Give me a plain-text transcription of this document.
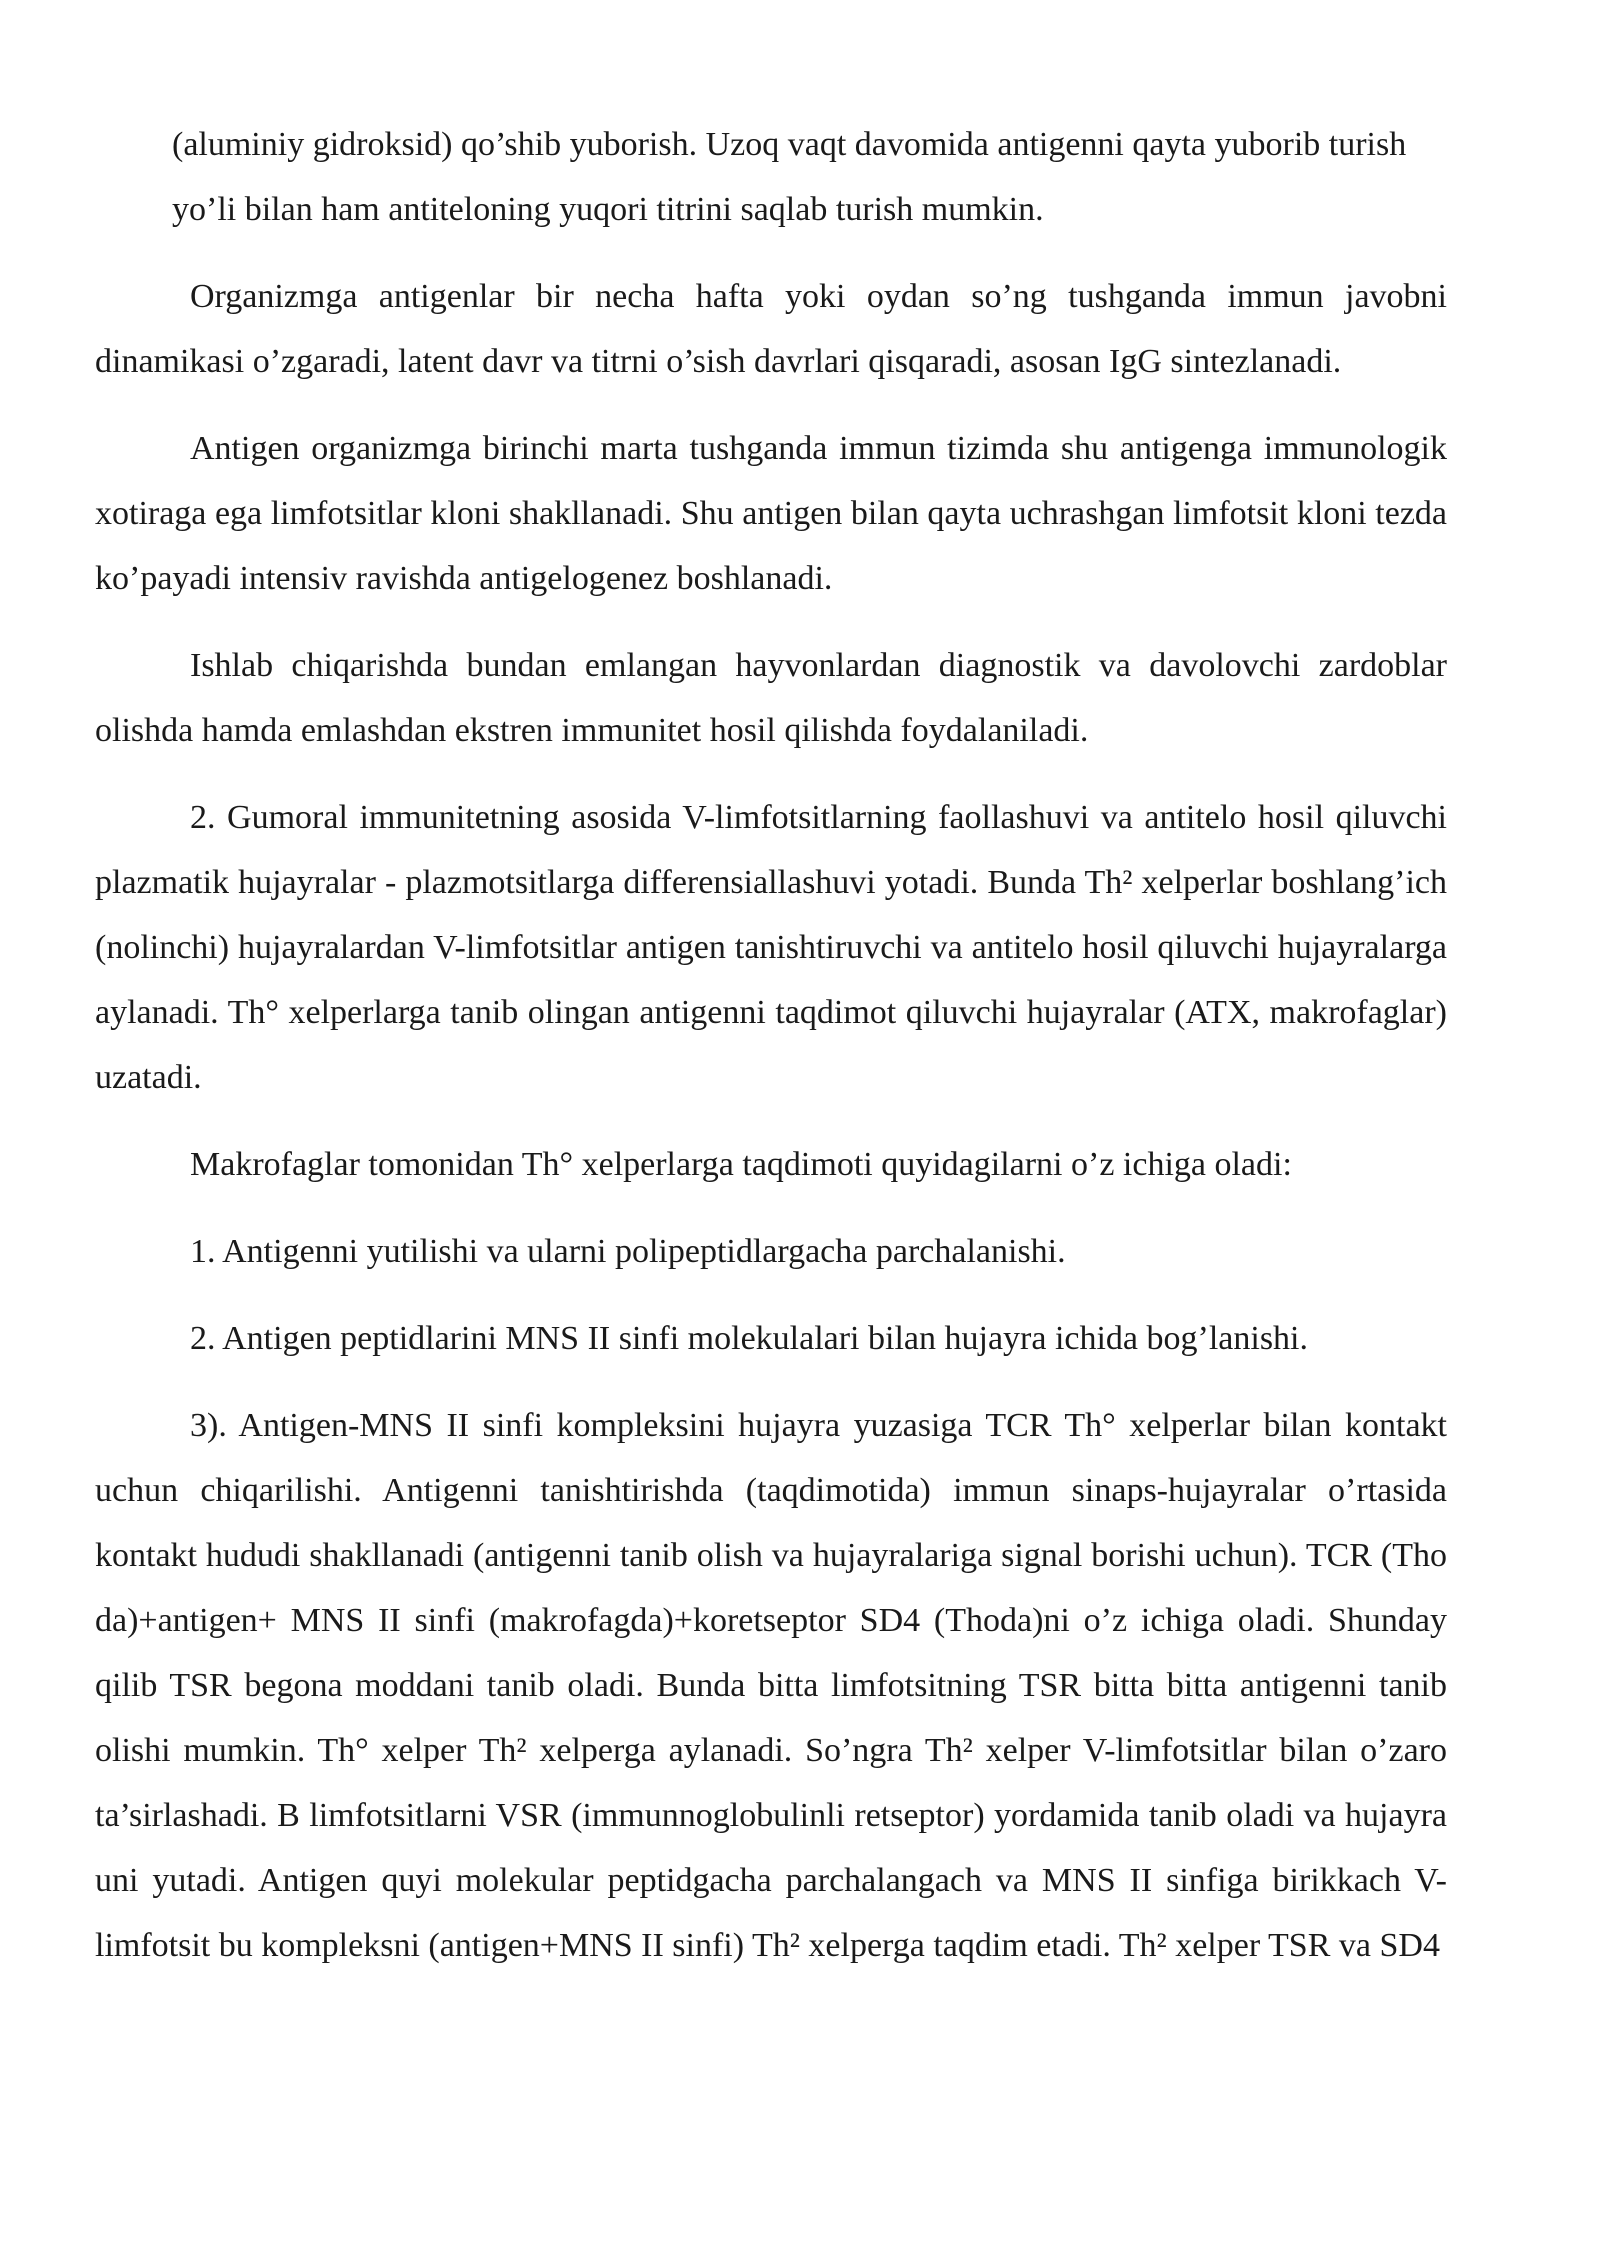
(aluminiy gidroksid) qo’shib yuborish. Uzoq vaqt davomida antigenni qayta yuborib turish yo’li bilan ham antiteloning yuqori titrini saqlab turish mumkin.

Organizmga antigenlar bir necha hafta yoki oydan so’ng tushganda immun javobni dinamikasi o’zgaradi, latent davr va titrni o’sish davrlari qisqaradi, asosan IgG sintezlanadi.

Antigen organizmga birinchi marta tushganda immun tizimda shu antigenga immunologik xotiraga ega limfotsitlar kloni shakllanadi. Shu antigen bilan qayta uchrashgan limfotsit kloni tezda ko’payadi intensiv ravishda antigelogenez boshlanadi.

Ishlab chiqarishda bundan emlangan hayvonlardan diagnostik va davolovchi zardoblar olishda hamda emlashdan ekstren immunitet hosil qilishda foydalaniladi.

2. Gumoral immunitetning asosida V-limfotsitlarning faollashuvi va antitelo hosil qiluvchi plazmatik hujayralar - plazmotsitlarga differensiallashuvi yotadi. Bunda Th² xelperlar boshlang’ich (nolinchi) hujayralardan V-limfotsitlar antigen tanishtiruvchi va antitelo hosil qiluvchi hujayralarga aylanadi. Th° xelperlarga tanib olingan antigenni taqdimot qiluvchi hujayralar (ATX, makrofaglar) uzatadi.

Makrofaglar tomonidan Th° xelperlarga taqdimoti quyidagilarni o’z ichiga oladi:

1. Antigenni yutilishi va ularni polipeptidlargacha parchalanishi.

2. Antigen peptidlarini MNS II sinfi molekulalari bilan hujayra ichida bog’lanishi.

3). Antigen-MNS II sinfi kompleksini hujayra yuzasiga TCR Th° xelperlar bilan kontakt uchun chiqarilishi. Antigenni tanishtirishda (taqdimotida) immun sinaps-hujayralar o’rtasida kontakt hududi shakllanadi (antigenni tanib olish va hujayralariga signal borishi uchun). TCR (Tho da)+antigen+ MNS II sinfi (makrofagda)+koretseptor SD4 (Thoda)ni o’z ichiga oladi. Shunday qilib TSR begona moddani tanib oladi. Bunda bitta limfotsitning TSR bitta bitta antigenni tanib olishi mumkin. Th° xelper Th² xelperga aylanadi. So’ngra Th² xelper V-limfotsitlar bilan o’zaro ta’sirlashadi. B limfotsitlarni VSR (immunnoglobulinli retseptor) yordamida tanib oladi va hujayra uni yutadi. Antigen quyi molekular peptidgacha parchalangach va MNS II sinfiga birikkach V-limfotsit bu kompleksni (antigen+MNS II sinfi) Th² xelperga taqdim etadi. Th² xelper TSR va SD4
